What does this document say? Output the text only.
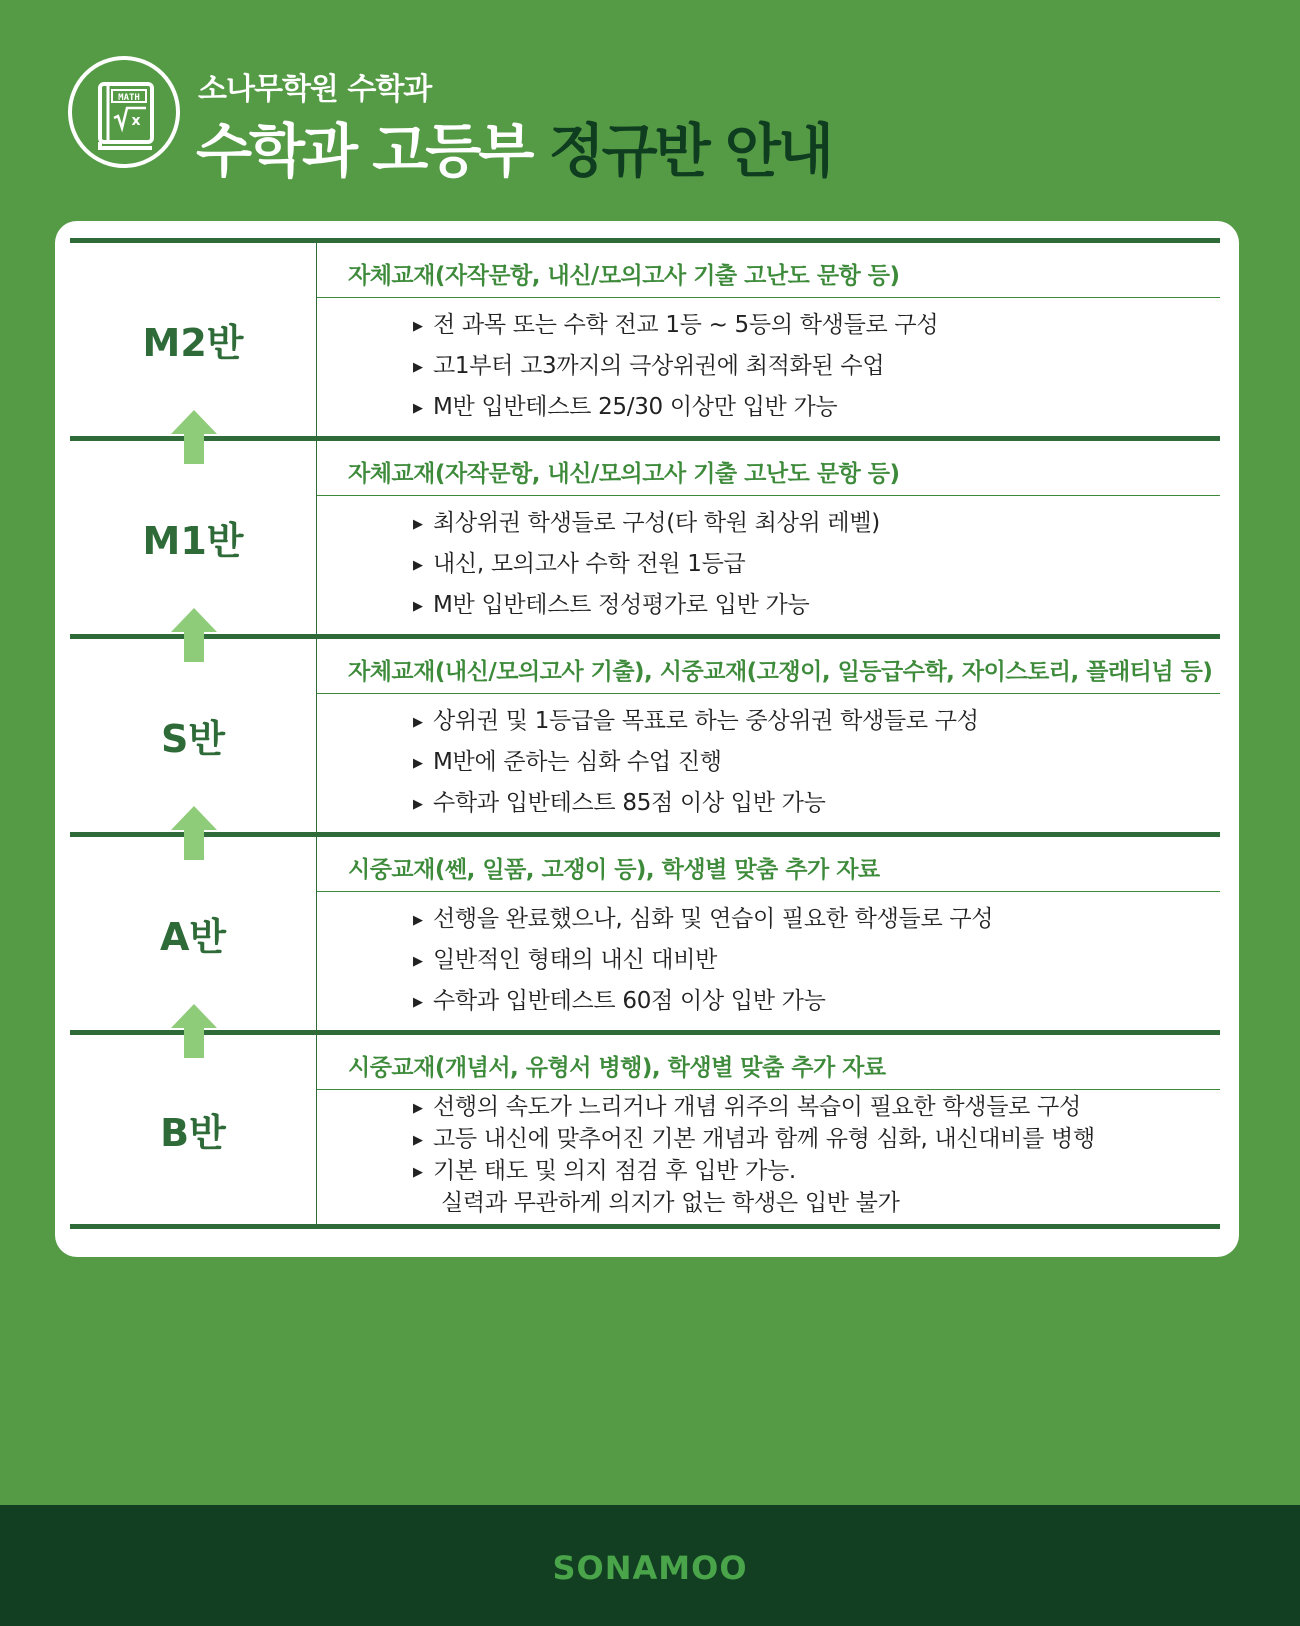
MATH
x
소나무학원 수학과
수학과 고등부 정규반 안내
M2반
자체교재(자작문항, 내신/모의고사 기출 고난도 문항 등)
▶ 전 과목 또는 수학 전교 1등 ~ 5등의 학생들로 구성
▶ 고1부터 고3까지의 극상위권에 최적화된 수업
▶ M반 입반테스트 25/30 이상만 입반 가능
M1반
자체교재(자작문항, 내신/모의고사 기출 고난도 문항 등)
▶ 최상위권 학생들로 구성(타 학원 최상위 레벨)
▶ 내신, 모의고사 수학 전원 1등급
▶ M반 입반테스트 정성평가로 입반 가능
S반
자체교재(내신/모의고사 기출), 시중교재(고쟁이, 일등급수학, 자이스토리, 플래티넘 등)
▶ 상위권 및 1등급을 목표로 하는 중상위권 학생들로 구성
▶ M반에 준하는 심화 수업 진행
▶ 수학과 입반테스트 85점 이상 입반 가능
A반
시중교재(쎈, 일품, 고쟁이 등), 학생별 맞춤 추가 자료
▶ 선행을 완료했으나, 심화 및 연습이 필요한 학생들로 구성
▶ 일반적인 형태의 내신 대비반
▶ 수학과 입반테스트 60점 이상 입반 가능
B반
시중교재(개념서, 유형서 병행), 학생별 맞춤 추가 자료
▶ 선행의 속도가 느리거나 개념 위주의 복습이 필요한 학생들로 구성
▶ 고등 내신에 맞추어진 기본 개념과 함께 유형 심화, 내신대비를 병행
▶ 기본 태도 및 의지 점검 후 입반 가능.
실력과 무관하게 의지가 없는 학생은 입반 불가
SONAMOO
